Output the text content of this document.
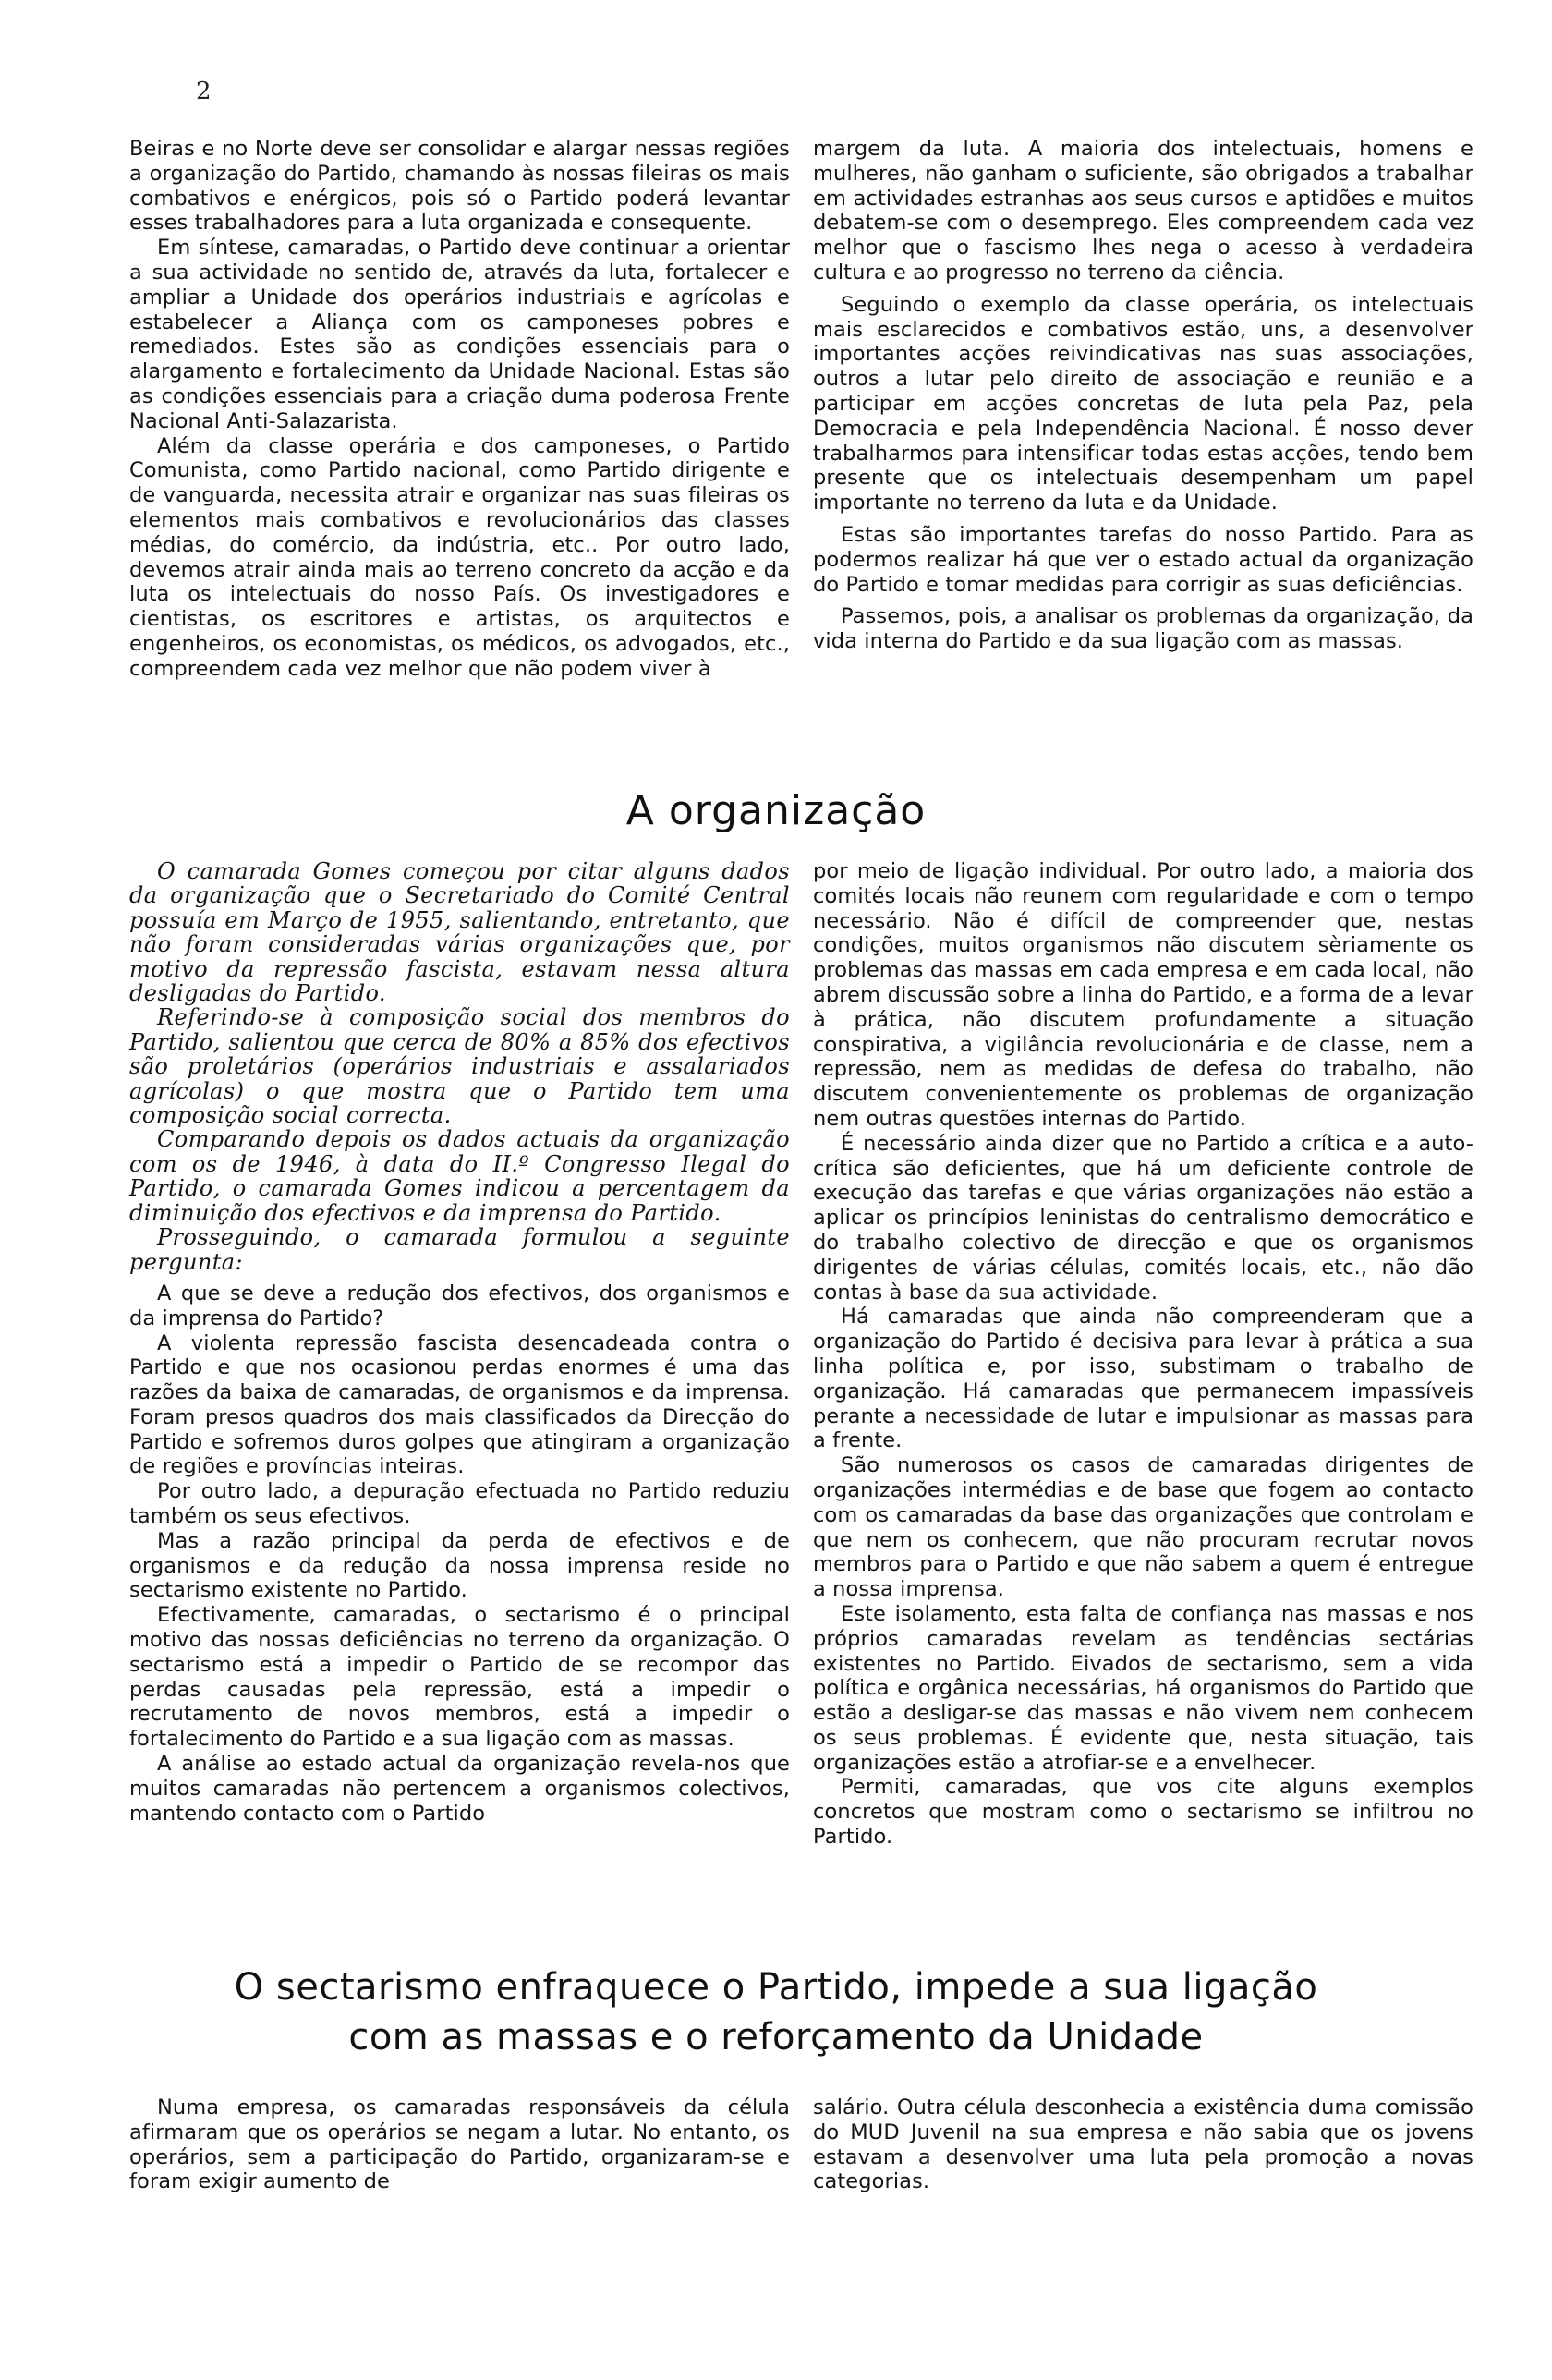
2

Beiras e no Norte deve ser consolidar e alargar nessas regiões a organização do Partido, chamando às nossas fileiras os mais combativos e enérgicos, pois só o Partido poderá levantar esses trabalhadores para a luta organizada e consequente.

Em síntese, camaradas, o Partido deve continuar a orientar a sua actividade no sentido de, através da luta, fortalecer e ampliar a Unidade dos operários industriais e agrícolas e estabelecer a Aliança com os camponeses pobres e remediados. Estes são as condições essenciais para o alargamento e fortalecimento da Unidade Nacional. Estas são as condições essenciais para a criação duma poderosa Frente Nacional Anti-Salazarista.

Além da classe operária e dos camponeses, o Partido Comunista, como Partido nacional, como Partido dirigente e de vanguarda, necessita atrair e organizar nas suas fileiras os elementos mais combativos e revolucionários das classes médias, do comércio, da indústria, etc.. Por outro lado, devemos atrair ainda mais ao terreno concreto da acção e da luta os intelectuais do nosso País. Os investigadores e cientistas, os escritores e artistas, os arquitectos e engenheiros, os economistas, os médicos, os advogados, etc., compreendem cada vez melhor que não podem viver à

margem da luta. A maioria dos intelectuais, homens e mulheres, não ganham o suficiente, são obrigados a trabalhar em actividades estranhas aos seus cursos e aptidões e muitos debatem-se com o desemprego. Eles compreendem cada vez melhor que o fascismo lhes nega o acesso à verdadeira cultura e ao progresso no terreno da ciência.

Seguindo o exemplo da classe operária, os intelectuais mais esclarecidos e combativos estão, uns, a desenvolver importantes acções reivindicativas nas suas associações, outros a lutar pelo direito de associação e reunião e a participar em acções concretas de luta pela Paz, pela Democracia e pela Independência Nacional. É nosso dever trabalharmos para intensificar todas estas acções, tendo bem presente que os intelectuais desempenham um papel importante no terreno da luta e da Unidade.

Estas são importantes tarefas do nosso Partido. Para as podermos realizar há que ver o estado actual da organização do Partido e tomar medidas para corrigir as suas deficiências.

Passemos, pois, a analisar os problemas da organização, da vida interna do Partido e da sua ligação com as massas.

A organização

O camarada Gomes começou por citar alguns dados da organização que o Secretariado do Comité Central possuía em Março de 1955, salientando, entretanto, que não foram consideradas várias organizações que, por motivo da repressão fascista, estavam nessa altura desligadas do Partido.

Referindo-se à composição social dos membros do Partido, salientou que cerca de 80% a 85% dos efectivos são proletários (operários industriais e assalariados agrícolas) o que mostra que o Partido tem uma composição social correcta.

Comparando depois os dados actuais da organização com os de 1946, à data do II.º Congresso Ilegal do Partido, o camarada Gomes indicou a percentagem da diminuição dos efectivos e da imprensa do Partido.

Prosseguindo, o camarada formulou a seguinte pergunta:

A que se deve a redução dos efectivos, dos organismos e da imprensa do Partido?

A violenta repressão fascista desencadeada contra o Partido e que nos ocasionou perdas enormes é uma das razões da baixa de camaradas, de organismos e da imprensa. Foram presos quadros dos mais classificados da Direcção do Partido e sofremos duros golpes que atingiram a organização de regiões e províncias inteiras.

Por outro lado, a depuração efectuada no Partido reduziu também os seus efectivos.

Mas a razão principal da perda de efectivos e de organismos e da redução da nossa imprensa reside no sectarismo existente no Partido.

Efectivamente, camaradas, o sectarismo é o principal motivo das nossas deficiências no terreno da organização. O sectarismo está a impedir o Partido de se recompor das perdas causadas pela repressão, está a impedir o recrutamento de novos membros, está a impedir o fortalecimento do Partido e a sua ligação com as massas.

A análise ao estado actual da organização revela-nos que muitos camaradas não pertencem a organismos colectivos, mantendo contacto com o Partido

por meio de ligação individual. Por outro lado, a maioria dos comités locais não reunem com regularidade e com o tempo necessário. Não é difícil de compreender que, nestas condições, muitos organismos não discutem sèriamente os problemas das massas em cada empresa e em cada local, não abrem discussão sobre a linha do Partido, e a forma de a levar à prática, não discutem profundamente a situação conspirativa, a vigilância revolucionária e de classe, nem a repressão, nem as medidas de defesa do trabalho, não discutem convenientemente os problemas de organização nem outras questões internas do Partido.

É necessário ainda dizer que no Partido a crítica e a auto-crítica são deficientes, que há um deficiente controle de execução das tarefas e que várias organizações não estão a aplicar os princípios leninistas do centralismo democrático e do trabalho colectivo de direcção e que os organismos dirigentes de várias células, comités locais, etc., não dão contas à base da sua actividade.

Há camaradas que ainda não compreenderam que a organização do Partido é decisiva para levar à prática a sua linha política e, por isso, substimam o trabalho de organização. Há camaradas que permanecem impassíveis perante a necessidade de lutar e impulsionar as massas para a frente.

São numerosos os casos de camaradas dirigentes de organizações intermédias e de base que fogem ao contacto com os camaradas da base das organizações que controlam e que nem os conhecem, que não procuram recrutar novos membros para o Partido e que não sabem a quem é entregue a nossa imprensa.

Este isolamento, esta falta de confiança nas massas e nos próprios camaradas revelam as tendências sectárias existentes no Partido. Eivados de sectarismo, sem a vida política e orgânica necessárias, há organismos do Partido que estão a desligar-se das massas e não vivem nem conhecem os seus problemas. É evidente que, nesta situação, tais organizações estão a atrofiar-se e a envelhecer.

Permiti, camaradas, que vos cite alguns exemplos concretos que mostram como o sectarismo se infiltrou no Partido.

O sectarismo enfraquece o Partido, impede a sua ligação
com as massas e o reforçamento da Unidade

Numa empresa, os camaradas responsáveis da célula afirmaram que os operários se negam a lutar. No entanto, os operários, sem a participação do Partido, organizaram-se e foram exigir aumento de

salário. Outra célula desconhecia a existência duma comissão do MUD Juvenil na sua empresa e não sabia que os jovens estavam a desenvolver uma luta pela promoção a novas categorias.
